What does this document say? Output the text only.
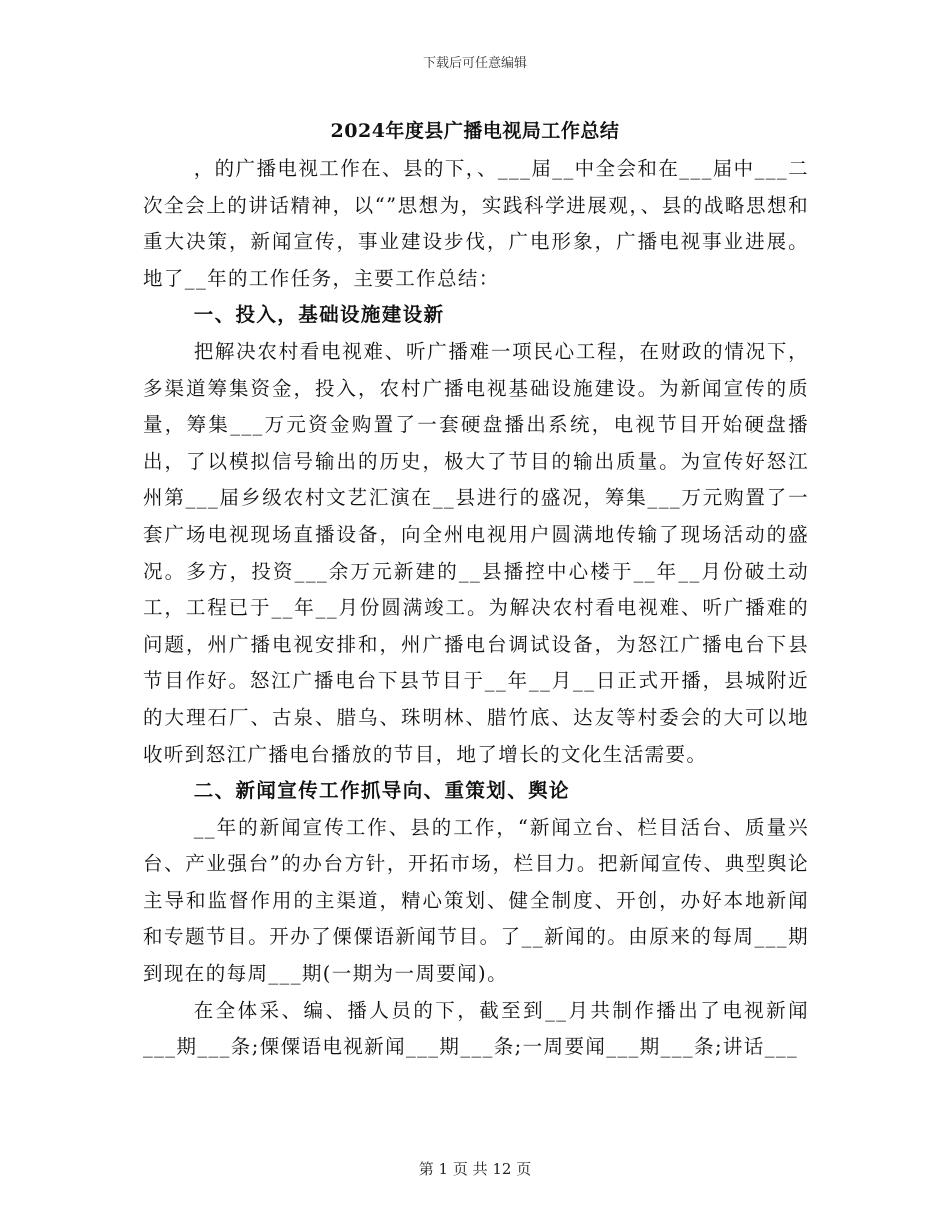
下载后可任意编辑
2024年度县广播电视局工作总结

，的广播电视工作在、县的下，、___届__中全会和在___届中___二次全会上的讲话精神，以“”思想为，实践科学进展观，、县的战略思想和重大决策，新闻宣传，事业建设步伐，广电形象，广播电视事业进展。地了__年的工作任务，主要工作总结：

一、投入，基础设施建设新

把解决农村看电视难、听广播难一项民心工程，在财政的情况下，多渠道筹集资金，投入，农村广播电视基础设施建设。为新闻宣传的质量，筹集___万元资金购置了一套硬盘播出系统，电视节目开始硬盘播出，了以模拟信号输出的历史，极大了节目的输出质量。为宣传好怒江州第___届乡级农村文艺汇演在__县进行的盛况，筹集___万元购置了一套广场电视现场直播设备，向全州电视用户圆满地传输了现场活动的盛况。多方，投资___余万元新建的__县播控中心楼于__年__月份破土动工，工程已于__年__月份圆满竣工。为解决农村看电视难、听广播难的问题，州广播电视安排和，州广播电台调试设备，为怒江广播电台下县节目作好。怒江广播电台下县节目于__年__月__日正式开播，县城附近的大理石厂、古泉、腊乌、珠明林、腊竹底、达友等村委会的大可以地收听到怒江广播电台播放的节目，地了增长的文化生活需要。

二、新闻宣传工作抓导向、重策划、舆论

__年的新闻宣传工作、县的工作，“新闻立台、栏目活台、质量兴台、产业强台”的办台方针，开拓市场，栏目力。把新闻宣传、典型舆论主导和监督作用的主渠道，精心策划、健全制度、开创，办好本地新闻和专题节目。开办了傈僳语新闻节目。了__新闻的。由原来的每周___期到现在的每周___期(一期为一周要闻)。

在全体采、编、播人员的下，截至到__月共制作播出了电视新闻___期___条;傈僳语电视新闻___期___条;一周要闻___期___条;讲话___

第 1 页 共 12 页
